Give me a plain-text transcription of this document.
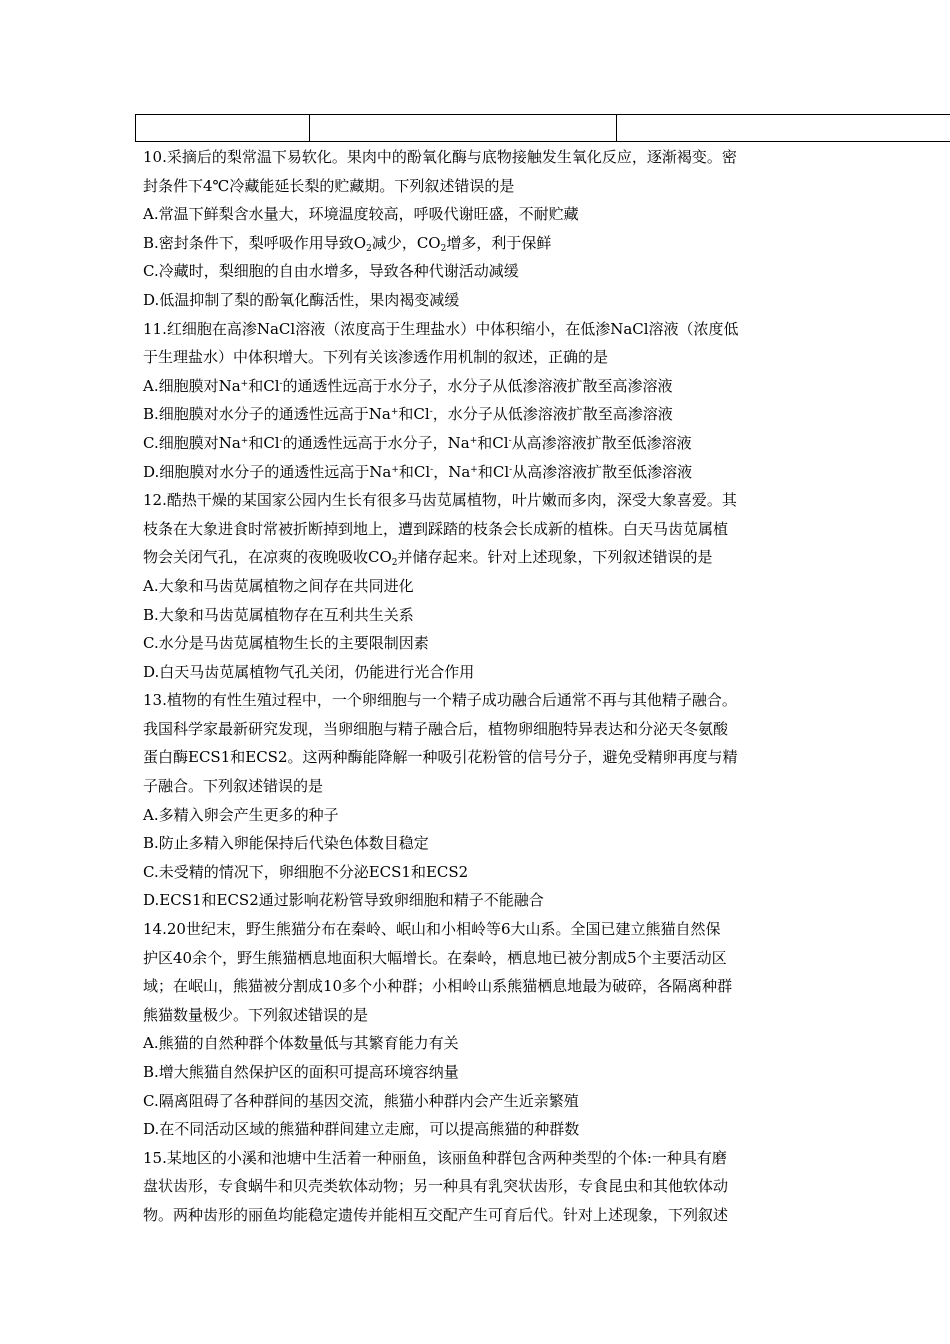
10.采摘后的梨常温下易软化。果肉中的酚氧化酶与底物接触发生氧化反应，逐渐褐变。密
封条件下4℃冷藏能延长梨的贮藏期。下列叙述错误的是
A.常温下鲜梨含水量大，环境温度较高，呼吸代谢旺盛，不耐贮藏
B.密封条件下，梨呼吸作用导致$O_2$减少，$CO_2$增多，利于保鲜
C.冷藏时，梨细胞的自由水增多，导致各种代谢活动减缓
D.低温抑制了梨的酚氧化酶活性，果肉褐变减缓
11.红细胞在高渗NaCl溶液（浓度高于生理盐水）中体积缩小，在低渗NaCl溶液（浓度低
于生理盐水）中体积增大。下列有关该渗透作用机制的叙述，正确的是
A.细胞膜对Na+和Cl-的通透性远高于水分子，水分子从低渗溶液扩散至高渗溶液
B.细胞膜对水分子的通透性远高于Na+和Cl-，水分子从低渗溶液扩散至高渗溶液
C.细胞膜对Na+和Cl-的通透性远高于水分子，Na+和Cl-从高渗溶液扩散至低渗溶液
D.细胞膜对水分子的通透性远高于Na+和Cl-，Na+和Cl-从高渗溶液扩散至低渗溶液
12.酷热干燥的某国家公园内生长有很多马齿苋属植物，叶片嫩而多肉，深受大象喜爱。其
枝条在大象进食时常被折断掉到地上，遭到踩踏的枝条会长成新的植株。白天马齿苋属植
物会关闭气孔，在凉爽的夜晚吸收$CO_2$并储存起来。针对上述现象，下列叙述错误的是
A.大象和马齿苋属植物之间存在共同进化
B.大象和马齿苋属植物存在互利共生关系
C.水分是马齿苋属植物生长的主要限制因素
D.白天马齿苋属植物气孔关闭，仍能进行光合作用
13.植物的有性生殖过程中，一个卵细胞与一个精子成功融合后通常不再与其他精子融合。
我国科学家最新研究发现，当卵细胞与精子融合后，植物卵细胞特异表达和分泌天冬氨酸
蛋白酶ECS1和ECS2。这两种酶能降解一种吸引花粉管的信号分子，避免受精卵再度与精
子融合。下列叙述错误的是
A.多精入卵会产生更多的种子
B.防止多精入卵能保持后代染色体数目稳定
C.未受精的情况下，卵细胞不分泌ECS1和ECS2
D.ECS1和ECS2通过影响花粉管导致卵细胞和精子不能融合
14.20世纪末，野生熊猫分布在秦岭、岷山和小相岭等6大山系。全国已建立熊猫自然保
护区40余个，野生熊猫栖息地面积大幅增长。在秦岭，栖息地已被分割成5个主要活动区
域；在岷山，熊猫被分割成10多个小种群；小相岭山系熊猫栖息地最为破碎，各隔离种群
熊猫数量极少。下列叙述错误的是
A.熊猫的自然种群个体数量低与其繁育能力有关
B.增大熊猫自然保护区的面积可提高环境容纳量
C.隔离阻碍了各种群间的基因交流，熊猫小种群内会产生近亲繁殖
D.在不同活动区域的熊猫种群间建立走廊，可以提高熊猫的种群数
15.某地区的小溪和池塘中生活着一种丽鱼，该丽鱼种群包含两种类型的个体:一种具有磨
盘状齿形，专食蜗牛和贝壳类软体动物；另一种具有乳突状齿形，专食昆虫和其他软体动
物。两种齿形的丽鱼均能稳定遗传并能相互交配产生可育后代。针对上述现象，下列叙述
